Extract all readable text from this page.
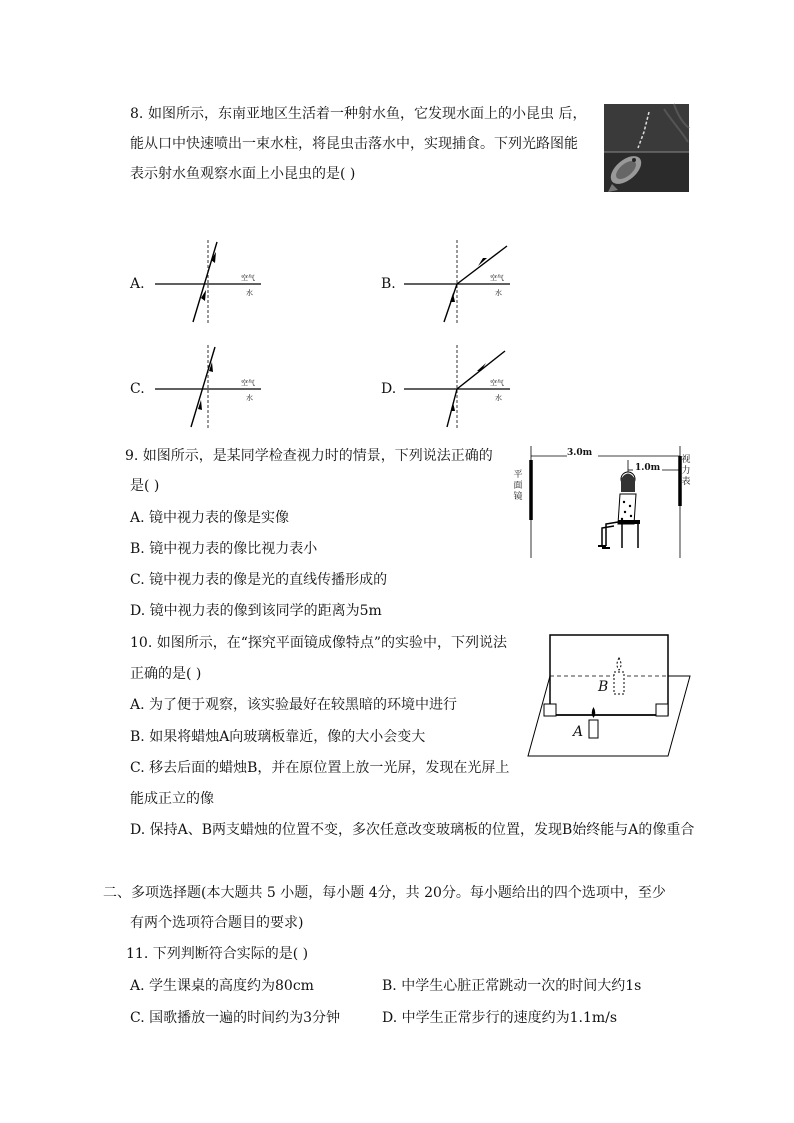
8. 如图所示，东南亚地区生活着一种射水鱼，它发现水面上的小昆虫 后，
能从口中快速喷出一束水柱，将昆虫击落水中，实现捕食。下列光路图能
表示射水鱼观察水面上小昆虫的是( )
A.	B.
C.	D.
空气
水
空气
水
空气
水
空气
水
9. 如图所示，是某同学检查视力时的情景，下列说法正确的
是( )
A. 镜中视力表的像是实像
B. 镜中视力表的像比视力表小
C. 镜中视力表的像是光的直线传播形成的
D. 镜中视力表的像到该同学的距离为5m
3.0m
1.0m
平面镜
视力表
10. 如图所示，在“探究平面镜成像特点”的实验中，下列说法
正确的是( )
A. 为了便于观察，该实验最好在较黑暗的环境中进行
B. 如果将蜡烛A向玻璃板靠近，像的大小会变大
C. 移去后面的蜡烛B，并在原位置上放一光屏，发现在光屏上
能成正立的像
D. 保持A、B两支蜡烛的位置不变，多次任意改变玻璃板的位置，发现B始终能与A的像重合
B
A
二、多项选择题(本大题共 5 小题，每小题 4分，共 20分。每小题给出的四个选项中，至少
有两个选项符合题目的要求)
11. 下列判断符合实际的是( )
A. 学生课桌的高度约为80cm	B. 中学生心脏正常跳动一次的时间大约1s
C. 国歌播放一遍的时间约为3分钟	D. 中学生正常步行的速度约为1.1m/s
